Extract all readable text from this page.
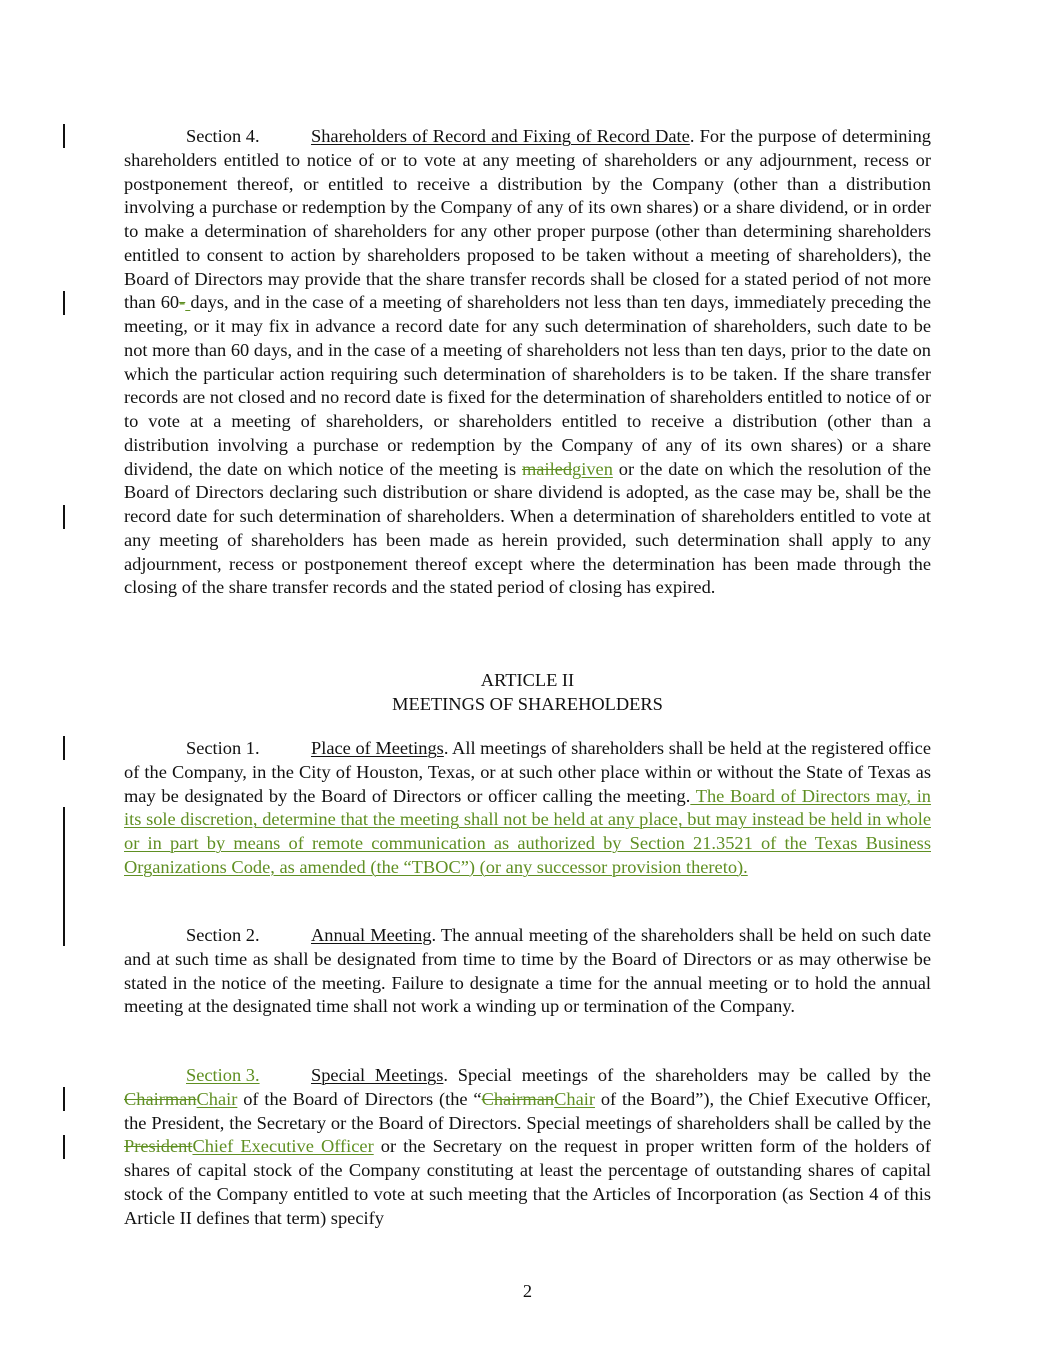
Section 4.	Shareholders of Record and Fixing of Record Date. For the purpose of determining shareholders entitled to notice of or to vote at any meeting of shareholders or any adjournment, recess or postponement thereof, or entitled to receive a distribution by the Company (other than a distribution involving a purchase or redemption by the Company of any of its own shares) or a share dividend, or in order to make a determination of shareholders for any other proper purpose (other than determining shareholders entitled to consent to action by shareholders proposed to be taken without a meeting of shareholders), the Board of Directors may provide that the share transfer records shall be closed for a stated period of not more than 60- days, and in the case of a meeting of shareholders not less than ten days, immediately preceding the meeting, or it may fix in advance a record date for any such determination of shareholders, such date to be not more than 60 days, and in the case of a meeting of shareholders not less than ten days, prior to the date on which the particular action requiring such determination of shareholders is to be taken. If the share transfer records are not closed and no record date is fixed for the determination of shareholders entitled to notice of or to vote at a meeting of shareholders, or shareholders entitled to receive a distribution (other than a distribution involving a purchase or redemption by the Company of any of its own shares) or a share dividend, the date on which notice of the meeting is mailedgiven or the date on which the resolution of the Board of Directors declaring such distribution or share dividend is adopted, as the case may be, shall be the record date for such determination of shareholders. When a determination of shareholders entitled to vote at any meeting of shareholders has been made as herein provided, such determination shall apply to any adjournment, recess or postponement thereof except where the determination has been made through the closing of the share transfer records and the stated period of closing has expired.

ARTICLE II

MEETINGS OF SHAREHOLDERS

Section 1.	Place of Meetings. All meetings of shareholders shall be held at the registered office of the Company, in the City of Houston, Texas, or at such other place within or without the State of Texas as may be designated by the Board of Directors or officer calling the meeting. The Board of Directors may, in its sole discretion, determine that the meeting shall not be held at any place, but may instead be held in whole or in part by means of remote communication as authorized by Section 21.3521 of the Texas Business Organizations Code, as amended (the “TBOC”) (or any successor provision thereto).

Section 2.	Annual Meeting. The annual meeting of the shareholders shall be held on such date and at such time as shall be designated from time to time by the Board of Directors or as may otherwise be stated in the notice of the meeting. Failure to designate a time for the annual meeting or to hold the annual meeting at the designated time shall not work a winding up or termination of the Company.

Section 3.	Special Meetings. Special meetings of the shareholders may be called by the ChairmanChair of the Board of Directors (the “ChairmanChair of the Board”), the Chief Executive Officer, the President, the Secretary or the Board of Directors. Special meetings of shareholders shall be called by the PresidentChief Executive Officer or the Secretary on the request in proper written form of the holders of shares of capital stock of the Company constituting at least the percentage of outstanding shares of capital stock of the Company entitled to vote at such meeting that the Articles of Incorporation (as Section 4 of this Article II defines that term) specify

2
